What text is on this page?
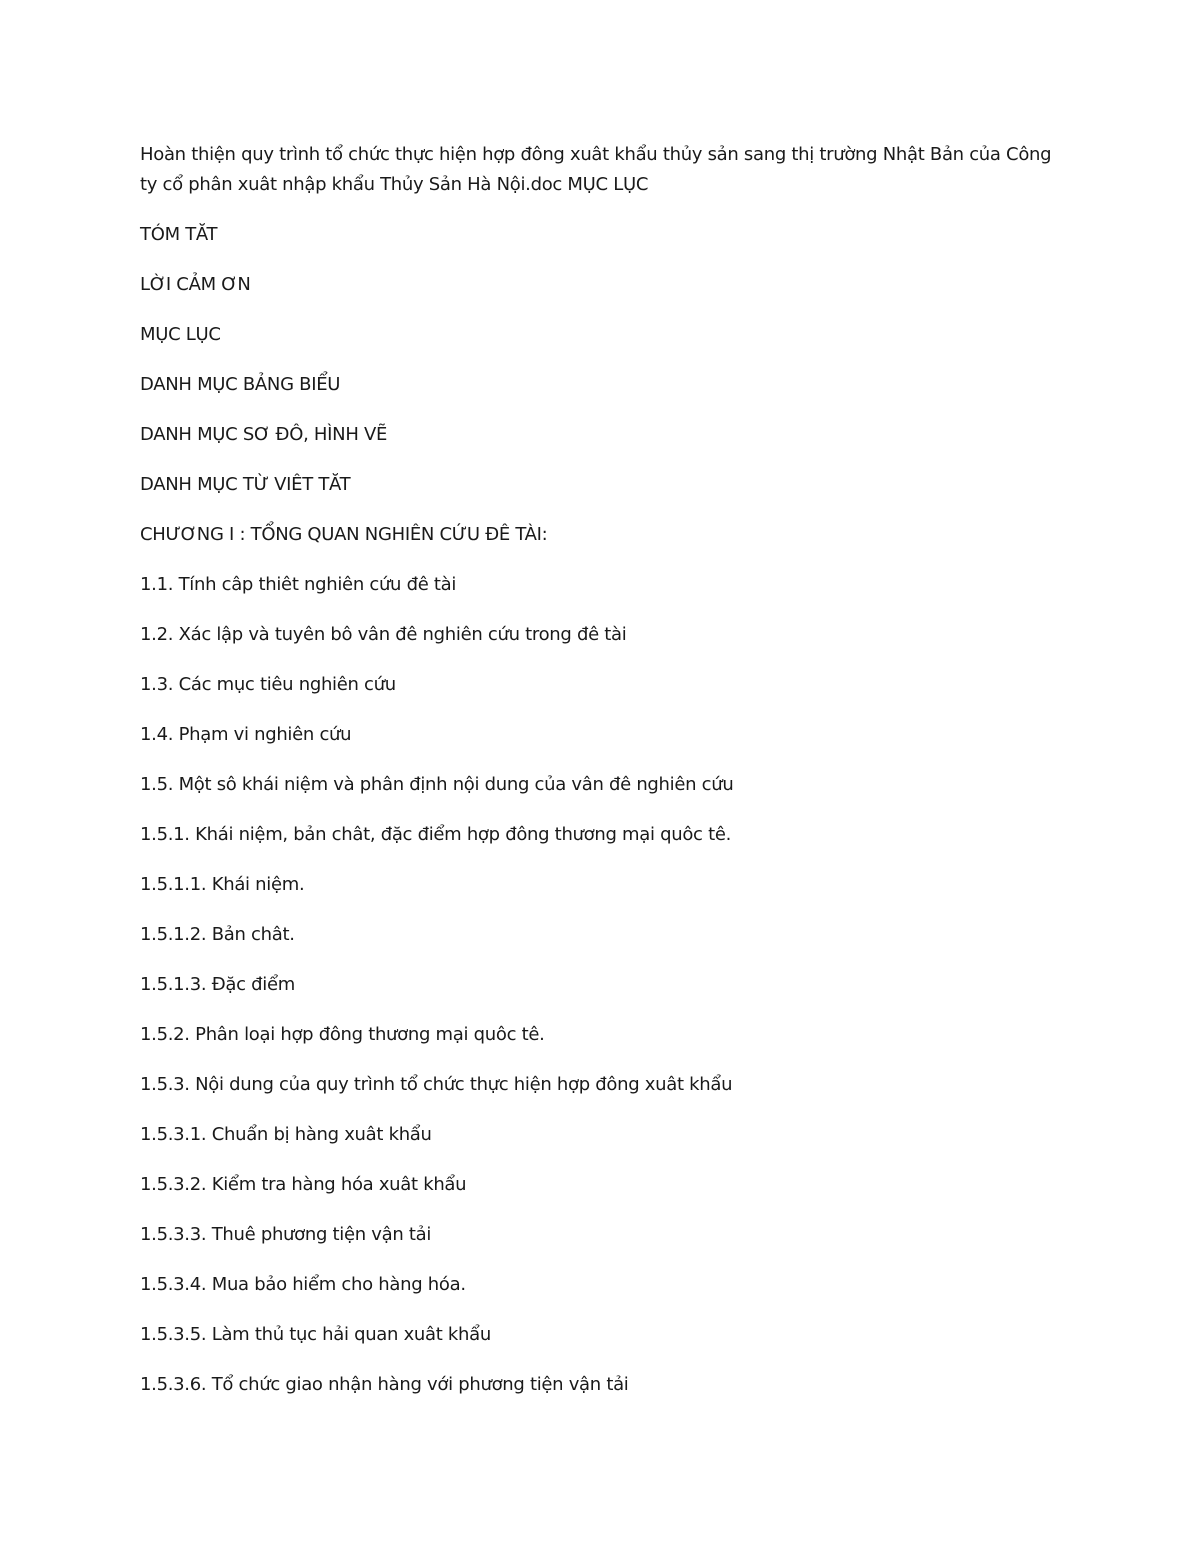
Hoàn thiện quy trình tổ chức thực hiện hợp đông xuât khẩu thủy sản sang thị trường Nhật Bản của Công ty cổ phân xuât nhập khẩu Thủy Sản Hà Nội.doc MỤC LỤC

TÓM TĂT
LỜI CẢM ƠN
MỤC LỤC
DANH MỤC BẢNG BIỂU
DANH MỤC SƠ ĐÔ, HÌNH VẼ
DANH MỤC TỪ VIÊT TĂT
CHƯƠNG I : TỔNG QUAN NGHIÊN CỨU ĐÊ TÀI:
1.1. Tính câp thiêt nghiên cứu đê tài
1.2. Xác lập và tuyên bô vân đê nghiên cứu trong đê tài
1.3. Các mục tiêu nghiên cứu
1.4. Phạm vi nghiên cứu
1.5. Một sô khái niệm và phân định nội dung của vân đê nghiên cứu
1.5.1. Khái niệm, bản chât, đặc điểm hợp đông thương mại quôc tê.
1.5.1.1. Khái niệm.
1.5.1.2. Bản chât.
1.5.1.3. Đặc điểm
1.5.2. Phân loại hợp đông thương mại quôc tê.
1.5.3. Nội dung của quy trình tổ chức thực hiện hợp đông xuât khẩu
1.5.3.1. Chuẩn bị hàng xuât khẩu
1.5.3.2. Kiểm tra hàng hóa xuât khẩu
1.5.3.3. Thuê phương tiện vận tải
1.5.3.4. Mua bảo hiểm cho hàng hóa.
1.5.3.5. Làm thủ tục hải quan xuât khẩu
1.5.3.6. Tổ chức giao nhận hàng với phương tiện vận tải
